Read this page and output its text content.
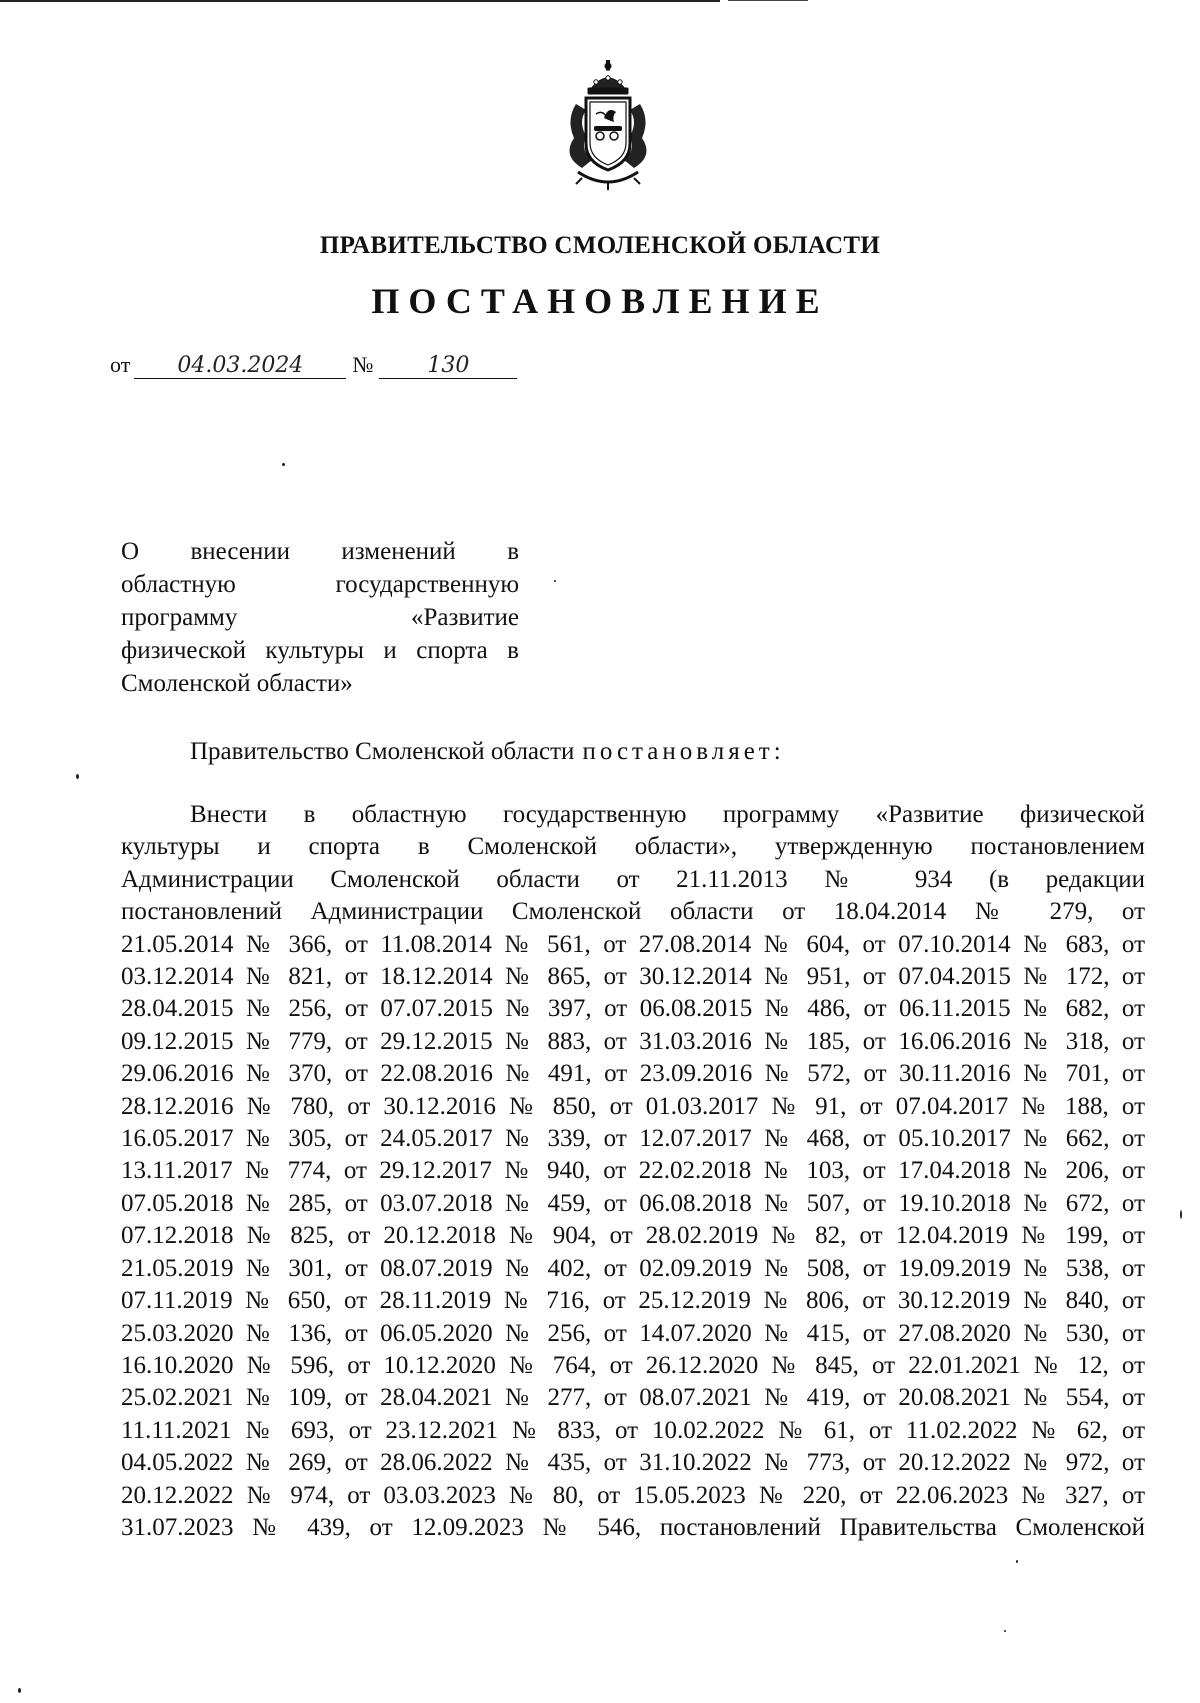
ПРАВИТЕЛЬСТВО СМОЛЕНСКОЙ ОБЛАСТИ
ПОСТАНОВЛЕНИЕ
от 04.03.2024 № 130
О внесении изменений в
областную государственную
программу «Развитие
физической культуры и спорта в
Смоленской области»
Правительство Смоленской области постановляет:
Внести в областную государственную программу «Развитие физической
культуры и спорта в Смоленской области», утвержденную постановлением
Администрации Смоленской области от 21.11.2013 № 934 (в редакции
постановлений Администрации Смоленской области от 18.04.2014 № 279, от
21.05.2014 № 366, от 11.08.2014 № 561, от 27.08.2014 № 604, от 07.10.2014 № 683, от
03.12.2014 № 821, от 18.12.2014 № 865, от 30.12.2014 № 951, от 07.04.2015 № 172, от
28.04.2015 № 256, от 07.07.2015 № 397, от 06.08.2015 № 486, от 06.11.2015 № 682, от
09.12.2015 № 779, от 29.12.2015 № 883, от 31.03.2016 № 185, от 16.06.2016 № 318, от
29.06.2016 № 370, от 22.08.2016 № 491, от 23.09.2016 № 572, от 30.11.2016 № 701, от
28.12.2016 № 780, от 30.12.2016 № 850, от 01.03.2017 № 91, от 07.04.2017 № 188, от
16.05.2017 № 305, от 24.05.2017 № 339, от 12.07.2017 № 468, от 05.10.2017 № 662, от
13.11.2017 № 774, от 29.12.2017 № 940, от 22.02.2018 № 103, от 17.04.2018 № 206, от
07.05.2018 № 285, от 03.07.2018 № 459, от 06.08.2018 № 507, от 19.10.2018 № 672, от
07.12.2018 № 825, от 20.12.2018 № 904, от 28.02.2019 № 82, от 12.04.2019 № 199, от
21.05.2019 № 301, от 08.07.2019 № 402, от 02.09.2019 № 508, от 19.09.2019 № 538, от
07.11.2019 № 650, от 28.11.2019 № 716, от 25.12.2019 № 806, от 30.12.2019 № 840, от
25.03.2020 № 136, от 06.05.2020 № 256, от 14.07.2020 № 415, от 27.08.2020 № 530, от
16.10.2020 № 596, от 10.12.2020 № 764, от 26.12.2020 № 845, от 22.01.2021 № 12, от
25.02.2021 № 109, от 28.04.2021 № 277, от 08.07.2021 № 419, от 20.08.2021 № 554, от
11.11.2021 № 693, от 23.12.2021 № 833, от 10.02.2022 № 61, от 11.02.2022 № 62, от
04.05.2022 № 269, от 28.06.2022 № 435, от 31.10.2022 № 773, от 20.12.2022 № 972, от
20.12.2022 № 974, от 03.03.2023 № 80, от 15.05.2023 № 220, от 22.06.2023 № 327, от
31.07.2023 № 439, от 12.09.2023 № 546, постановлений Правительства Смоленской
